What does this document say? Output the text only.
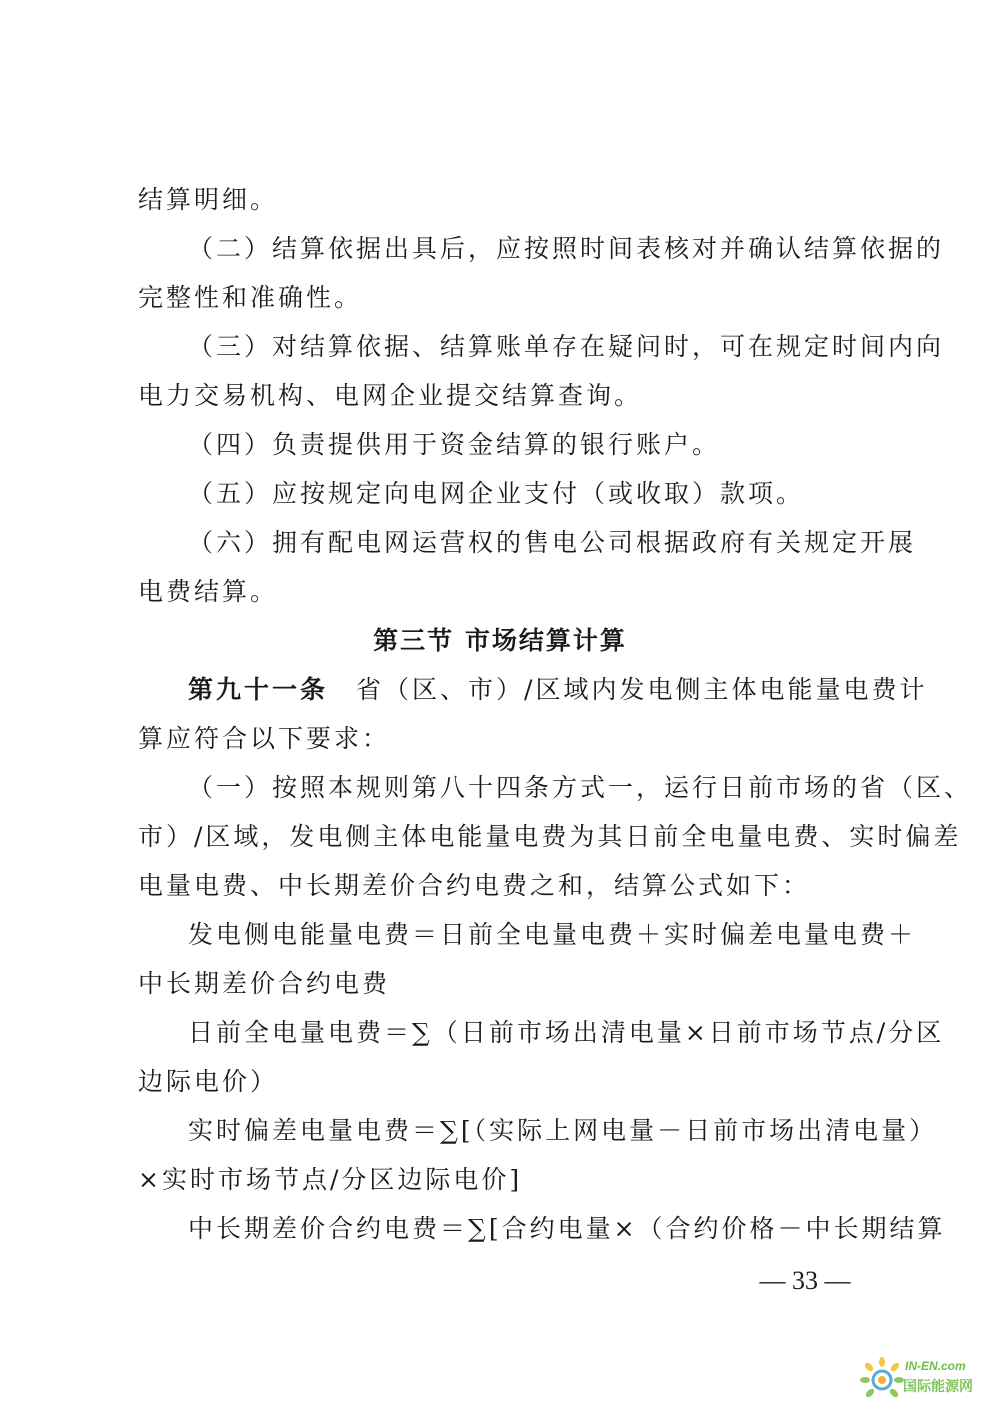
结算明细。
（二）结算依据出具后，应按照时间表核对并确认结算依据的
完整性和准确性。
（三）对结算依据、结算账单存在疑问时，可在规定时间内向
电力交易机构、电网企业提交结算查询。
（四）负责提供用于资金结算的银行账户。
（五）应按规定向电网企业支付（或收取）款项。
（六）拥有配电网运营权的售电公司根据政府有关规定开展
电费结算。
第三节 市场结算计算
第九十一条 省（区、市）/区域内发电侧主体电能量电费计
算应符合以下要求：
（一）按照本规则第八十四条方式一，运行日前市场的省（区、
市）/区域，发电侧主体电能量电费为其日前全电量电费、实时偏差
电量电费、中长期差价合约电费之和，结算公式如下：
发电侧电能量电费＝日前全电量电费＋实时偏差电量电费＋
中长期差价合约电费
日前全电量电费＝∑（日前市场出清电量×日前市场节点/分区
边际电价）
实时偏差电量电费＝∑[（实际上网电量－日前市场出清电量）
×实时市场节点/分区边际电价]
中长期差价合约电费＝∑[合约电量×（合约价格－中长期结算
— 33 —
IN-EN.com
国际能源网
